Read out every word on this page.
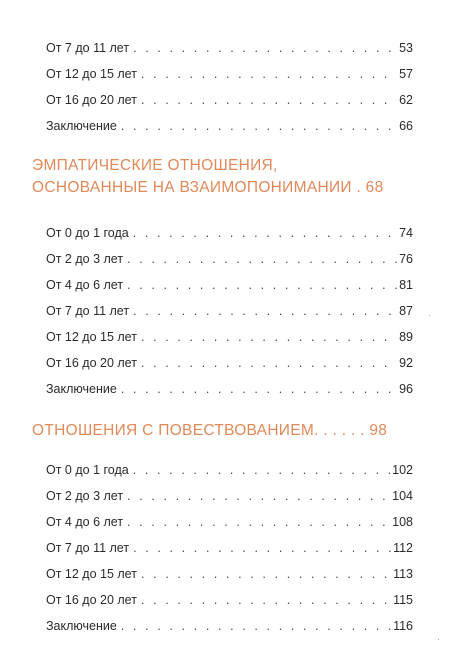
От 7 до 11 лет . . .	53
От 12 до 15 лет . . .	57
От 16 до 20 лет . . .	62
Заключение . . .	66
ЭМПАТИЧЕСКИЕ ОТНОШЕНИЯ,
ОСНОВАННЫЕ НА ВЗАИМОПОНИМАНИИ . 68
От 0 до 1 года . . .	74
От 2 до 3 лет . . .	76
От 4 до 6 лет . . .	81
От 7 до 11 лет . . .	87
От 12 до 15 лет . . .	89
От 16 до 20 лет . . .	92
Заключение . . .	96
ОТНОШЕНИЯ С ПОВЕСТВОВАНИЕМ. . . . . . 98
От 0 до 1 года . . .	102
От 2 до 3 лет . . .	104
От 4 до 6 лет . . .	108
От 7 до 11 лет . . .	112
От 12 до 15 лет . . .	113
От 16 до 20 лет . . .	115
Заключение . . .	116
·
·
